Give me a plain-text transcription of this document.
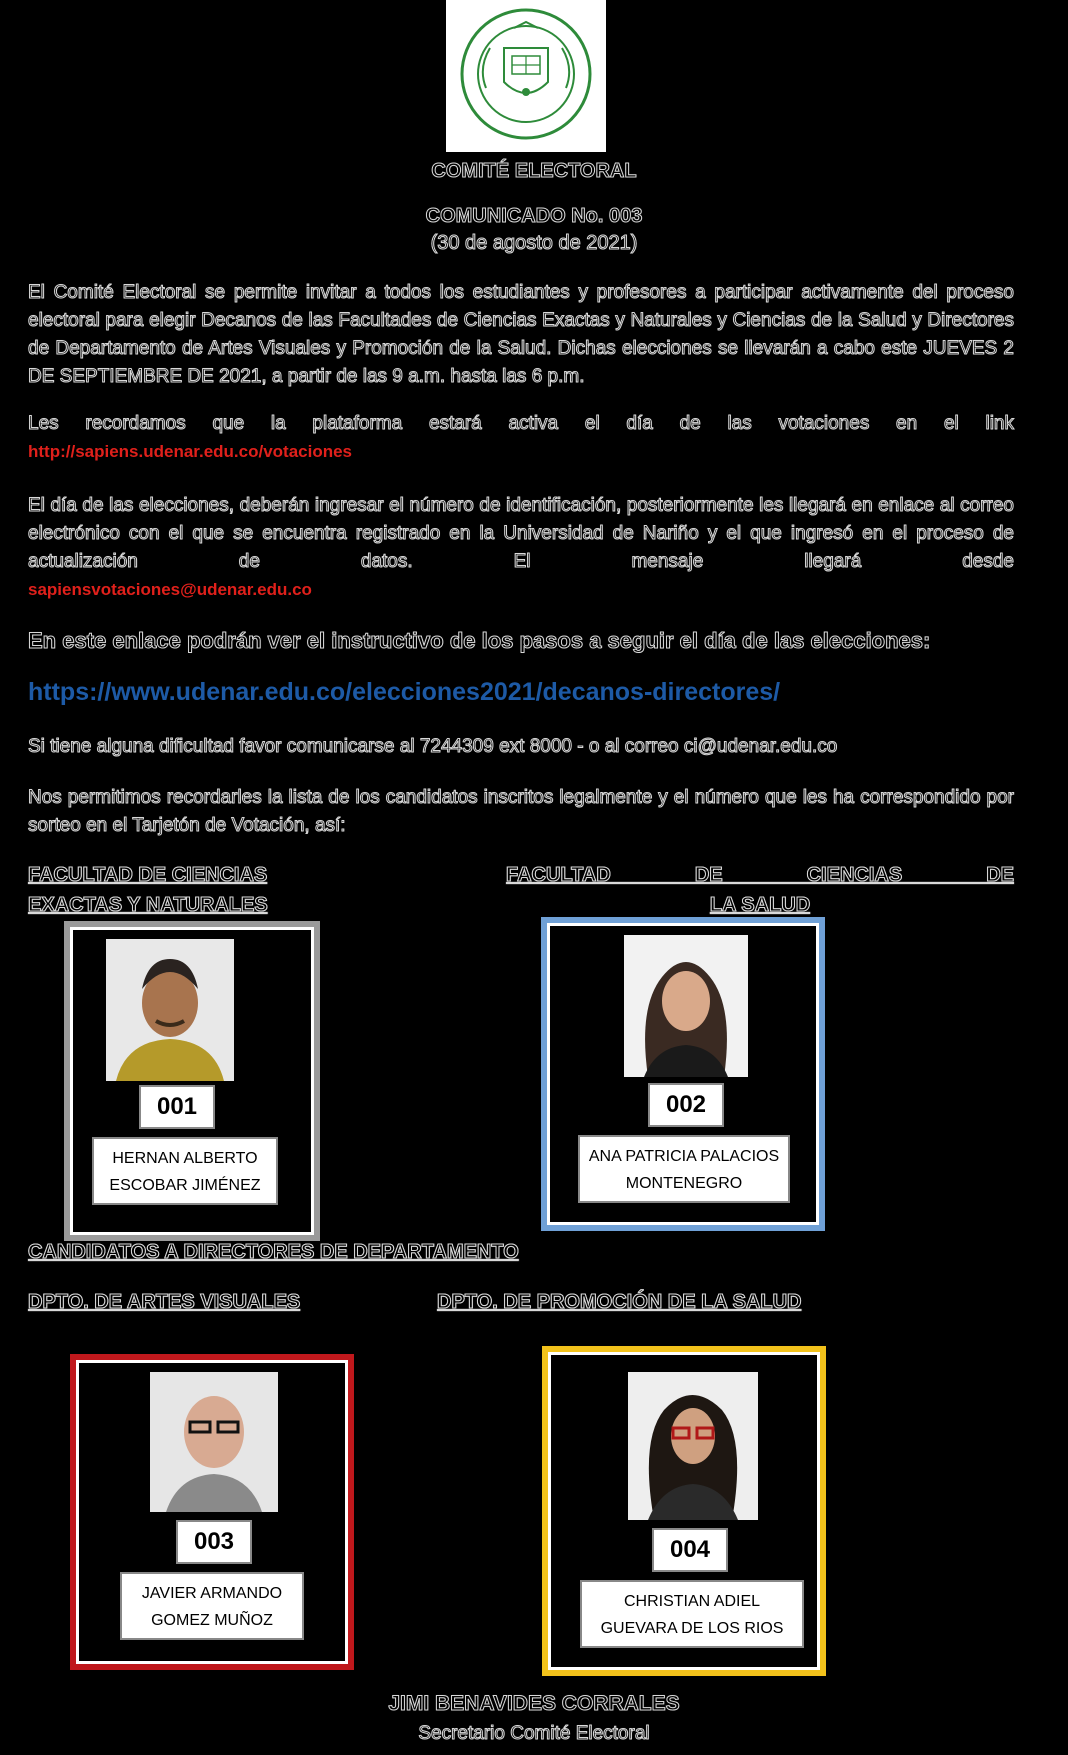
COMITÉ ELECTORAL
COMUNICADO No. 003
(30 de agosto de 2021)
El Comité Electoral se permite invitar a todos los estudiantes y profesores a participar activamente del proceso electoral para elegir Decanos de las Facultades de Ciencias Exactas y Naturales y Ciencias de la Salud y Directores de Departamento de Artes Visuales y Promoción de la Salud. Dichas elecciones se llevarán a cabo este JUEVES 2 DE SEPTIEMBRE DE 2021, a partir de las 9 a.m. hasta las 6 p.m.
Les recordamos que la plataforma estará activa el día de las votaciones en el link
http://sapiens.udenar.edu.co/votaciones
El día de las elecciones, deberán ingresar el número de identificación, posteriormente les llegará en enlace al correo electrónico con el que se encuentra registrado en la Universidad de Nariño y el que ingresó en el proceso de actualización de datos. El mensaje llegará desde
sapiensvotaciones@udenar.edu.co
En este enlace podrán ver el instructivo de los pasos a seguir el día de las elecciones:
https://www.udenar.edu.co/elecciones2021/decanos-directores/
Si tiene alguna dificultad favor comunicarse al 7244309 ext 8000 - o al correo ci@udenar.edu.co
Nos permitimos recordarles la lista de los candidatos inscritos legalmente y el número que les ha correspondido por sorteo en el Tarjetón de Votación, así:
FACULTAD DE CIENCIAS
EXACTAS Y NATURALES
FACULTAD DE CIENCIAS DE
LA SALUD
001
HERNAN ALBERTO
ESCOBAR JIMÉNEZ
002
ANA PATRICIA PALACIOS
MONTENEGRO
CANDIDATOS A DIRECTORES DE DEPARTAMENTO
DPTO. DE ARTES VISUALES	DPTO. DE PROMOCIÓN DE LA SALUD
003
JAVIER ARMANDO
GOMEZ MUÑOZ
004
CHRISTIAN ADIEL
GUEVARA DE LOS RIOS
JIMI BENAVIDES CORRALES
Secretario Comité Electoral
